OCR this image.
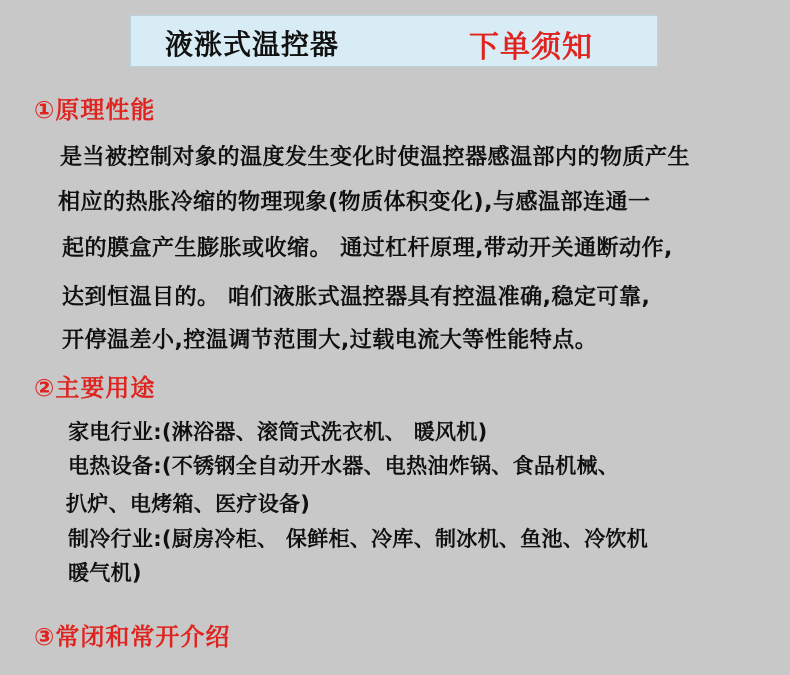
液涨式温控器	下单须知
①原理性能
是当被控制对象的温度发生变化时使温控器感温部内的物质产生
相应的热胀冷缩的物理现象(物质体积变化),与感温部连通一
起的膜盒产生膨胀或收缩。 通过杠杆原理,带动开关通断动作,
达到恒温目的。 咱们液胀式温控器具有控温准确,稳定可靠,
开停温差小,控温调节范围大,过载电流大等性能特点。
②主要用途
家电行业:(淋浴器、滚筒式洗衣机、 暖风机)
电热设备:(不锈钢全自动开水器、电热油炸锅、食品机械、
扒炉、电烤箱、医疗设备)
制冷行业:(厨房冷柜、 保鲜柜、冷库、制冰机、鱼池、冷饮机
暖气机)
③常闭和常开介绍
